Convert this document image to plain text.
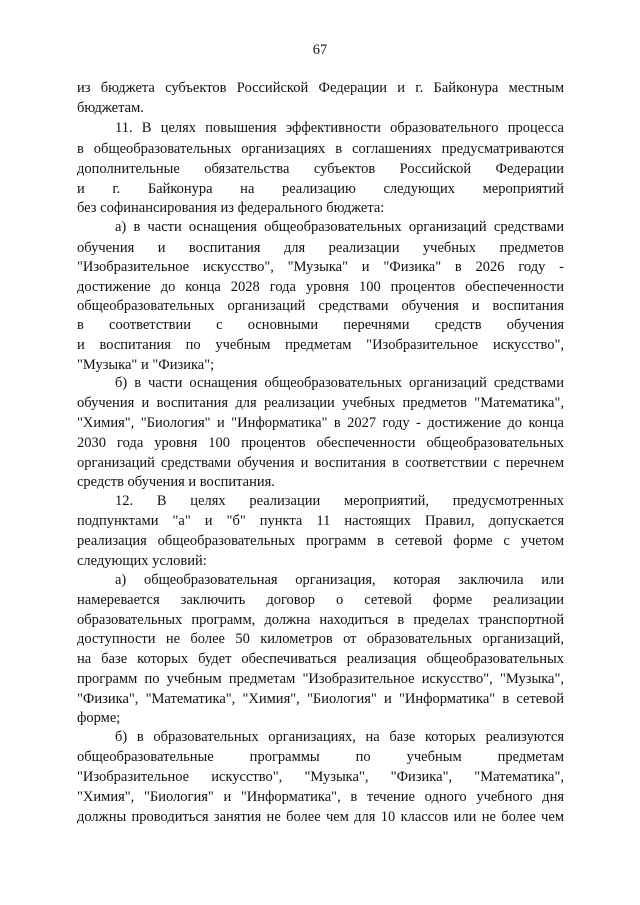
67
из бюджета субъектов Российской Федерации и г. Байконура местным
бюджетам.
11. В целях повышения эффективности образовательного процесса
в общеобразовательных организациях в соглашениях предусматриваются
дополнительные обязательства субъектов Российской Федерации
и г. Байконура на реализацию следующих мероприятий
без софинансирования из федерального бюджета:
а) в части оснащения общеобразовательных организаций средствами
обучения и воспитания для реализации учебных предметов
"Изобразительное искусство", "Музыка" и "Физика" в 2026 году -
достижение до конца 2028 года уровня 100 процентов обеспеченности
общеобразовательных организаций средствами обучения и воспитания
в соответствии с основными перечнями средств обучения
и воспитания по учебным предметам "Изобразительное искусство",
"Музыка" и "Физика";
б) в части оснащения общеобразовательных организаций средствами
обучения и воспитания для реализации учебных предметов "Математика",
"Химия", "Биология" и "Информатика" в 2027 году - достижение до конца
2030 года уровня 100 процентов обеспеченности общеобразовательных
организаций средствами обучения и воспитания в соответствии с перечнем
средств обучения и воспитания.
12. В целях реализации мероприятий, предусмотренных
подпунктами "а" и "б" пункта 11 настоящих Правил, допускается
реализация общеобразовательных программ в сетевой форме с учетом
следующих условий:
а) общеобразовательная организация, которая заключила или
намеревается заключить договор о сетевой форме реализации
образовательных программ, должна находиться в пределах транспортной
доступности не более 50 километров от образовательных организаций,
на базе которых будет обеспечиваться реализация общеобразовательных
программ по учебным предметам "Изобразительное искусство", "Музыка",
"Физика", "Математика", "Химия", "Биология" и "Информатика" в сетевой
форме;
б) в образовательных организациях, на базе которых реализуются
общеобразовательные программы по учебным предметам
"Изобразительное искусство", "Музыка", "Физика", "Математика",
"Химия", "Биология" и "Информатика", в течение одного учебного дня
должны проводиться занятия не более чем для 10 классов или не более чем
